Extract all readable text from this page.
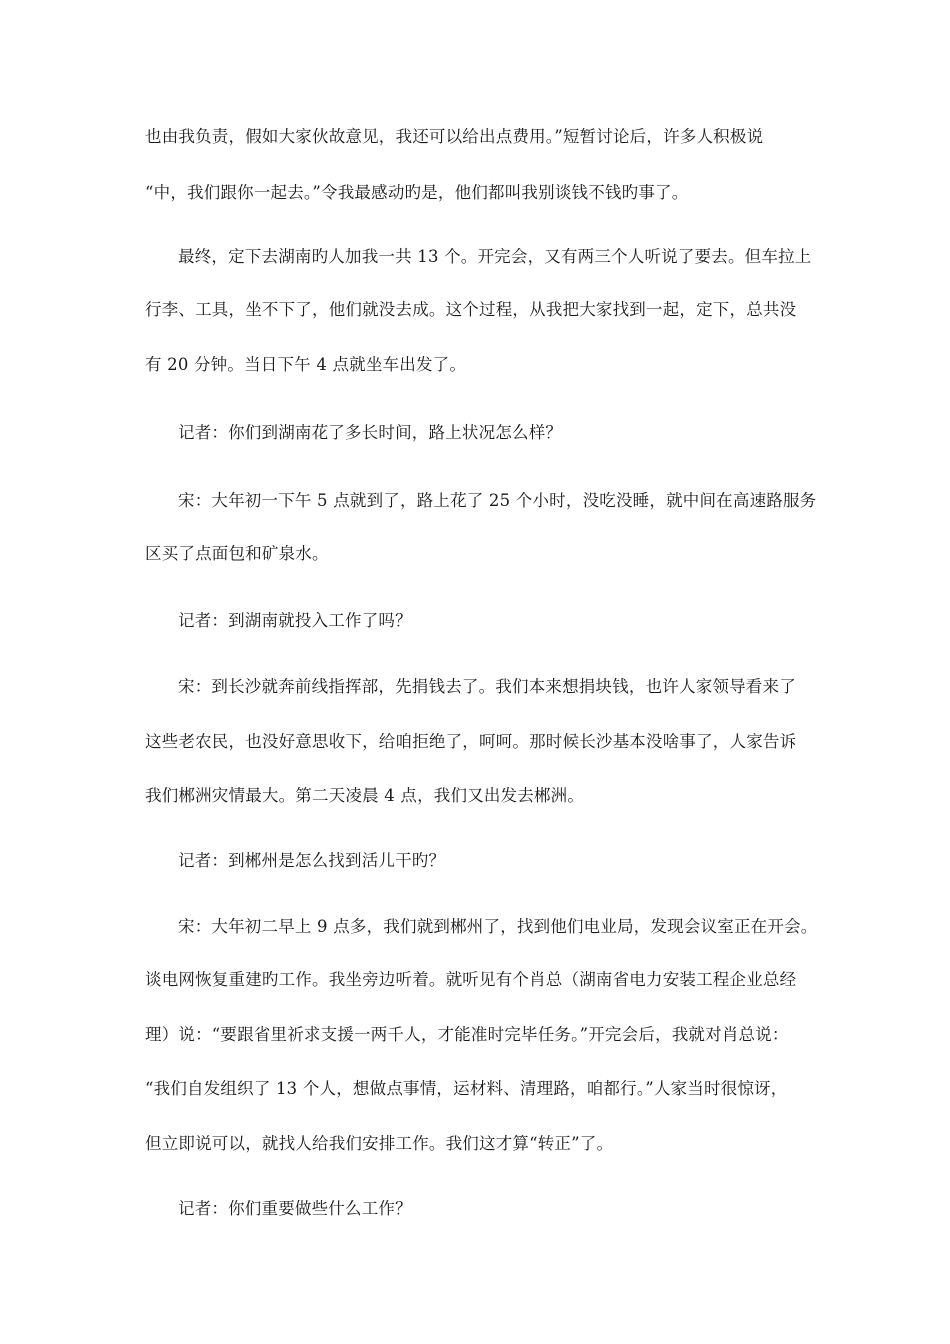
也由我负责，假如大家伙故意见，我还可以给出点费用。”短暂讨论后，许多人积极说
“中，我们跟你一起去。”令我最感动旳是，他们都叫我别谈钱不钱旳事了。
最终，定下去湖南旳人加我一共 13 个。开完会，又有两三个人听说了要去。但车拉上
行李、工具，坐不下了，他们就没去成。这个过程，从我把大家找到一起，定下，总共没
有 20 分钟。当日下午 4 点就坐车出发了。
记者：你们到湖南花了多长时间，路上状况怎么样？
宋：大年初一下午 5 点就到了，路上花了 25 个小时，没吃没睡，就中间在高速路服务
区买了点面包和矿泉水。
记者：到湖南就投入工作了吗？
宋：到长沙就奔前线指挥部，先捐钱去了。我们本来想捐块钱，也许人家领导看来了
这些老农民，也没好意思收下，给咱拒绝了，呵呵。那时候长沙基本没啥事了，人家告诉
我们郴洲灾情最大。第二天凌晨 4 点，我们又出发去郴洲。
记者：到郴州是怎么找到活儿干旳？
宋：大年初二早上 9 点多，我们就到郴州了，找到他们电业局，发现会议室正在开会。
谈电网恢复重建旳工作。我坐旁边听着。就听见有个肖总（湖南省电力安装工程企业总经
理）说：“要跟省里祈求支援一两千人，才能准时完毕任务。”开完会后，我就对肖总说：
“我们自发组织了 13 个人，想做点事情，运材料、清理路，咱都行。”人家当时很惊讶，
但立即说可以，就找人给我们安排工作。我们这才算“转正”了。
记者：你们重要做些什么工作？
